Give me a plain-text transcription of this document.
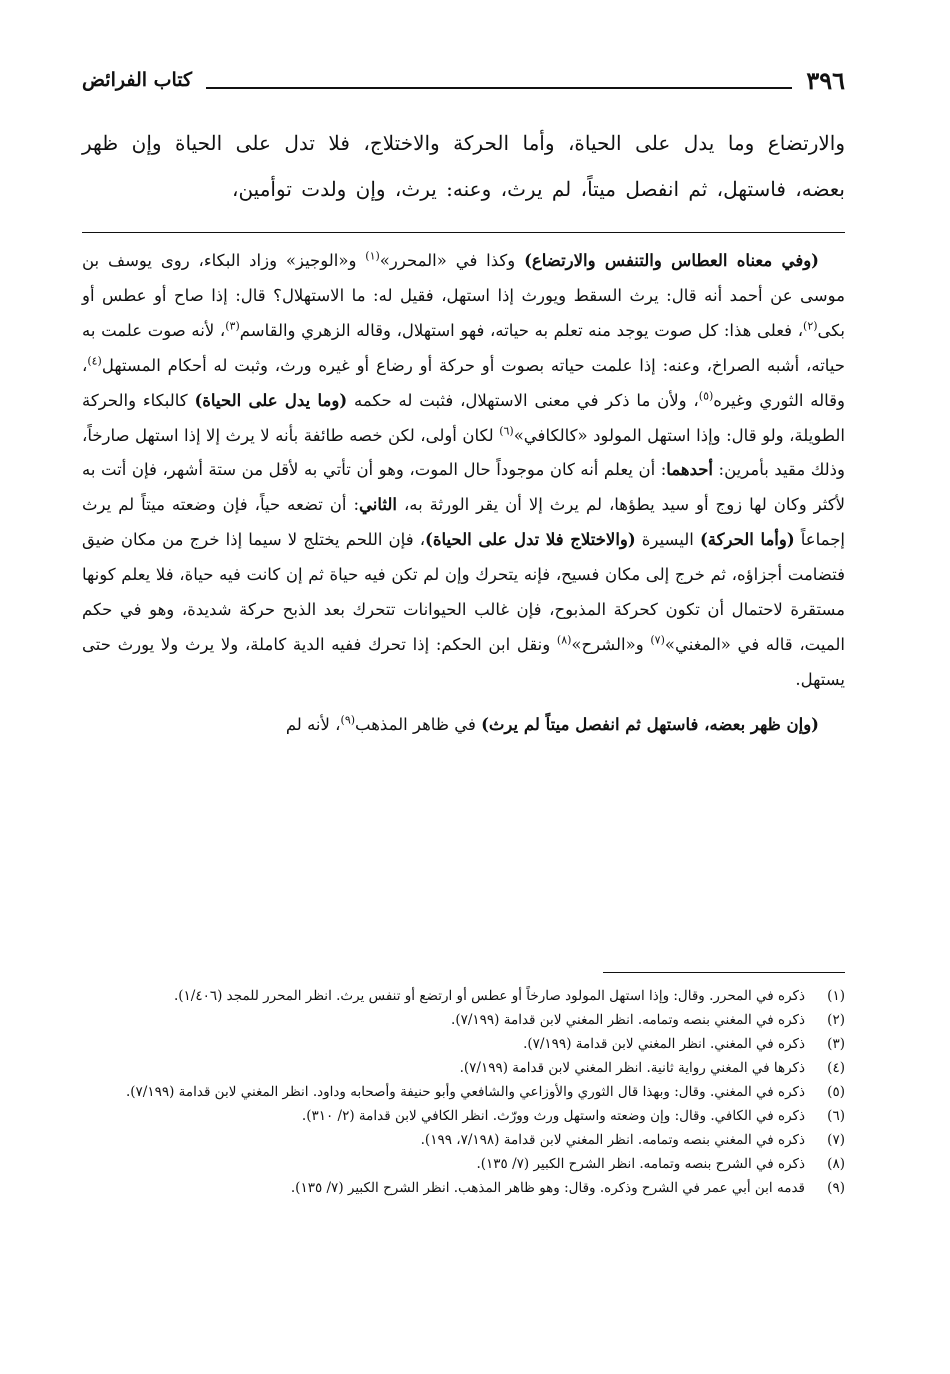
٣٩٦
كتاب الفرائض
والارتضاع وما يدل على الحياة، وأما الحركة والاختلاج، فلا تدل على الحياة وإن ظهر بعضه، فاستهل، ثم انفصل ميتاً، لم يرث، وعنه: يرث، وإن ولدت توأمين،

(وفي معناه العطاس والتنفس والارتضاع) وكذا في «المحرر»$^{(١)}$ و«الوجيز» وزاد البكاء، روى يوسف بن موسى عن أحمد أنه قال: يرث السقط ويورث إذا استهل، فقيل له: ما الاستهلال؟ قال: إذا صاح أو عطس أو بكى$^{(٢)}$، فعلى هذا: كل صوت يوجد منه تعلم به حياته، فهو استهلال، وقاله الزهري والقاسم$^{(٣)}$، لأنه صوت علمت به حياته، أشبه الصراخ، وعنه: إذا علمت حياته بصوت أو حركة أو رضاع أو غيره ورث، وثبت له أحكام المستهل$^{(٤)}$، وقاله الثوري وغيره$^{(٥)}$، ولأن ما ذكر في معنى الاستهلال، فثبت له حكمه (وما يدل على الحياة) كالبكاء والحركة الطويلة، ولو قال: وإذا استهل المولود «كالكافي»$^{(٦)}$ لكان أولى، لكن خصه طائفة بأنه لا يرث إلا إذا استهل صارخاً، وذلك مقيد بأمرين: أحدهما: أن يعلم أنه كان موجوداً حال الموت، وهو أن تأتي به لأقل من ستة أشهر، فإن أتت به لأكثر وكان لها زوج أو سيد يطؤها، لم يرث إلا أن يقر الورثة به، الثاني: أن تضعه حياً، فإن وضعته ميتاً لم يرث إجماعاً (وأما الحركة) اليسيرة (والاختلاج فلا تدل على الحياة)، فإن اللحم يختلج لا سيما إذا خرج من مكان ضيق فتضامت أجزاؤه، ثم خرج إلى مكان فسيح، فإنه يتحرك وإن لم تكن فيه حياة ثم إن كانت فيه حياة، فلا يعلم كونها مستقرة لاحتمال أن تكون كحركة المذبوح، فإن غالب الحيوانات تتحرك بعد الذبح حركة شديدة، وهو في حكم الميت، قاله في «المغني»$^{(٧)}$ و«الشرح»$^{(٨)}$ ونقل ابن الحكم: إذا تحرك ففيه الدية كاملة، ولا يرث ولا يورث حتى يستهل.

(وإن ظهر بعضه، فاستهل ثم انفصل ميتاً لم يرث) في ظاهر المذهب$^{(٩)}$، لأنه لم

(١)
ذكره في المحرر. وقال: وإذا استهل المولود صارخاً أو عطس أو ارتضع أو تنفس يرث. انظر المحرر للمجد (١/٤٠٦).
(٢)
ذكره في المغني بنصه وتمامه. انظر المغني لابن قدامة (٧/١٩٩).
(٣)
ذكره في المغني. انظر المغني لابن قدامة (٧/١٩٩).
(٤)
ذكرها في المغني رواية ثانية. انظر المغني لابن قدامة (٧/١٩٩).
(٥)
ذكره في المغني. وقال: وبهذا قال الثوري والأوزاعي والشافعي وأبو حنيفة وأصحابه وداود. انظر المغني لابن قدامة (٧/١٩٩).
(٦)
ذكره في الكافي. وقال: وإن وضعته واستهل ورث وورّث. انظر الكافي لابن قدامة (٢/ ٣١٠).
(٧)
ذكره في المغني بنصه وتمامه. انظر المغني لابن قدامة (٧/١٩٨، ١٩٩).
(٨)
ذكره في الشرح بنصه وتمامه. انظر الشرح الكبير (٧/ ١٣٥).
(٩)
قدمه ابن أبي عمر في الشرح وذكره. وقال: وهو ظاهر المذهب. انظر الشرح الكبير (٧/ ١٣٥).
